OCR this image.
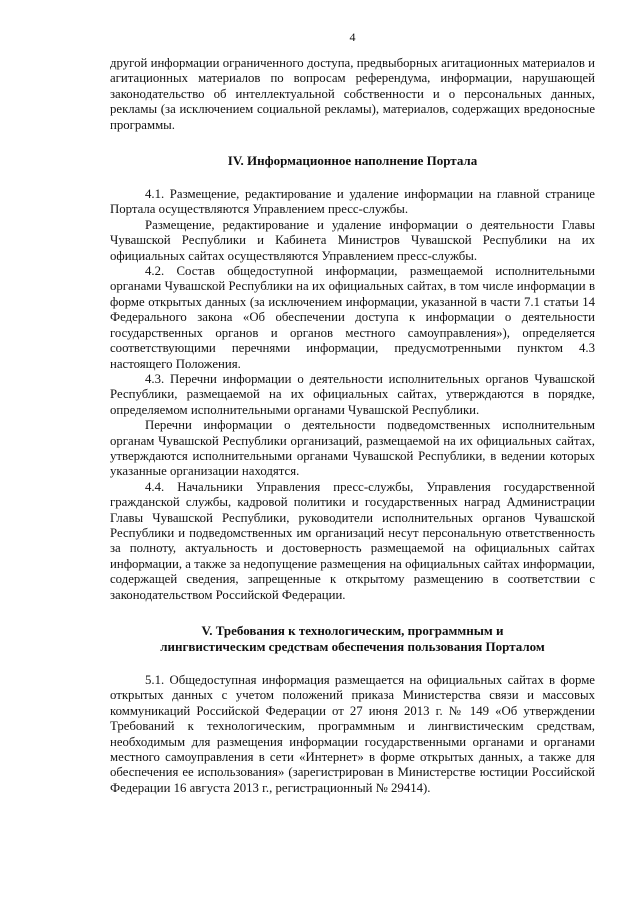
4

другой информации ограниченного доступа, предвыборных агитационных материалов и агитационных материалов по вопросам референдума, информации, нарушающей законодательство об интеллектуальной собственности и о персональных данных, рекламы (за исключением социальной рекламы), материалов, содержащих вредоносные программы.

IV. Информационное наполнение Портала

4.1. Размещение, редактирование и удаление информации на главной странице Портала осуществляются Управлением пресс-службы.

Размещение, редактирование и удаление информации о деятельности Главы Чувашской Республики и Кабинета Министров Чувашской Республики на их официальных сайтах осуществляются Управлением пресс-службы.

4.2. Состав общедоступной информации, размещаемой исполнительными органами Чувашской Республики на их официальных сайтах, в том числе информации в форме открытых данных (за исключением информации, указанной в части 7.1 статьи 14 Федерального закона «Об обеспечении доступа к информации о деятельности государственных органов и органов местного самоуправления»), определяется соответствующими перечнями информации, предусмотренными пунктом 4.3 настоящего Положения.

4.3. Перечни информации о деятельности исполнительных органов Чувашской Республики, размещаемой на их официальных сайтах, утверждаются в порядке, определяемом исполнительными органами Чувашской Республики.

Перечни информации о деятельности подведомственных исполнительным органам Чувашской Республики организаций, размещаемой на их официальных сайтах, утверждаются исполнительными органами Чувашской Республики, в ведении которых указанные организации находятся.

4.4. Начальники Управления пресс-службы, Управления государственной гражданской службы, кадровой политики и государственных наград Администрации Главы Чувашской Республики, руководители исполнительных органов Чувашской Республики и подведомственных им организаций несут персональную ответственность за полноту, актуальность и достоверность размещаемой на официальных сайтах информации, а также за недопущение размещения на официальных сайтах информации, содержащей сведения, запрещенные к открытому размещению в соответствии с законодательством Российской Федерации.

V. Требования к технологическим, программным и лингвистическим средствам обеспечения пользования Порталом

5.1. Общедоступная информация размещается на официальных сайтах в форме открытых данных с учетом положений приказа Министерства связи и массовых коммуникаций Российской Федерации от 27 июня 2013 г. № 149 «Об утверждении Требований к технологическим, программным и лингвистическим средствам, необходимым для размещения информации государственными органами и органами местного самоуправления в сети «Интернет» в форме открытых данных, а также для обеспечения ее использования» (зарегистрирован в Министерстве юстиции Российской Федерации 16 августа 2013 г., регистрационный № 29414).
